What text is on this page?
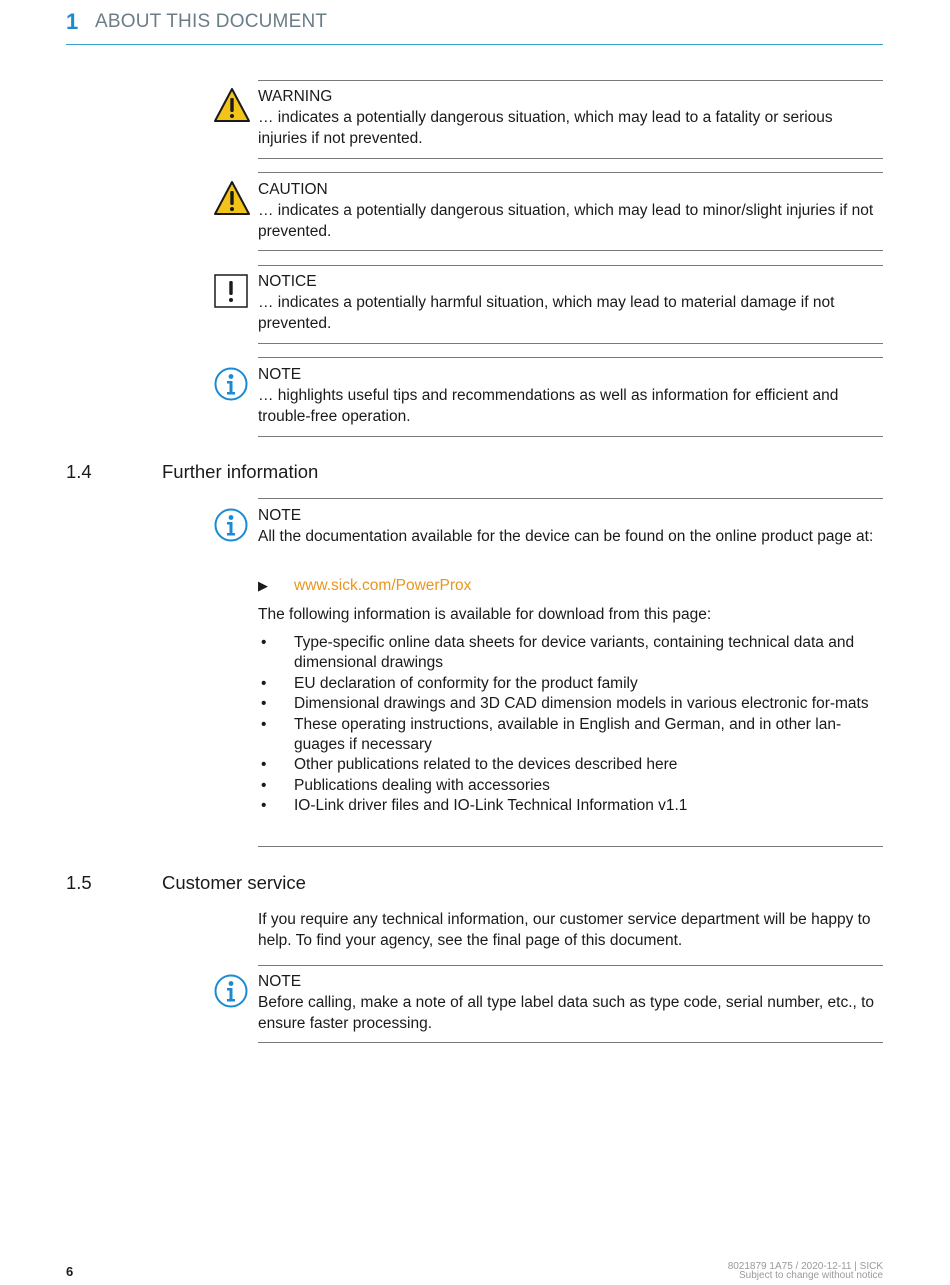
1 ABOUT THIS DOCUMENT
WARNING
… indicates a potentially dangerous situation, which may lead to a fatality or serious injuries if not prevented.
CAUTION
… indicates a potentially dangerous situation, which may lead to minor/slight injuries if not prevented.
NOTICE
… indicates a potentially harmful situation, which may lead to material damage if not prevented.
NOTE
… highlights useful tips and recommendations as well as information for efficient and trouble-free operation.
1.4	Further information
NOTE
All the documentation available for the device can be found on the online product page at:
▶ www.sick.com/PowerProx
The following information is available for download from this page:
• Type-specific online data sheets for device variants, containing technical data and dimensional drawings
• EU declaration of conformity for the product family
• Dimensional drawings and 3D CAD dimension models in various electronic for-mats
• These operating instructions, available in English and German, and in other lan-guages if necessary
• Other publications related to the devices described here
• Publications dealing with accessories
• IO-Link driver files and IO-Link Technical Information v1.1
1.5	Customer service
If you require any technical information, our customer service department will be happy to help. To find your agency, see the final page of this document.
NOTE
Before calling, make a note of all type label data such as type code, serial number, etc., to ensure faster processing.
6	8021879 1A75 / 2020-12-11 | SICK
Subject to change without notice
